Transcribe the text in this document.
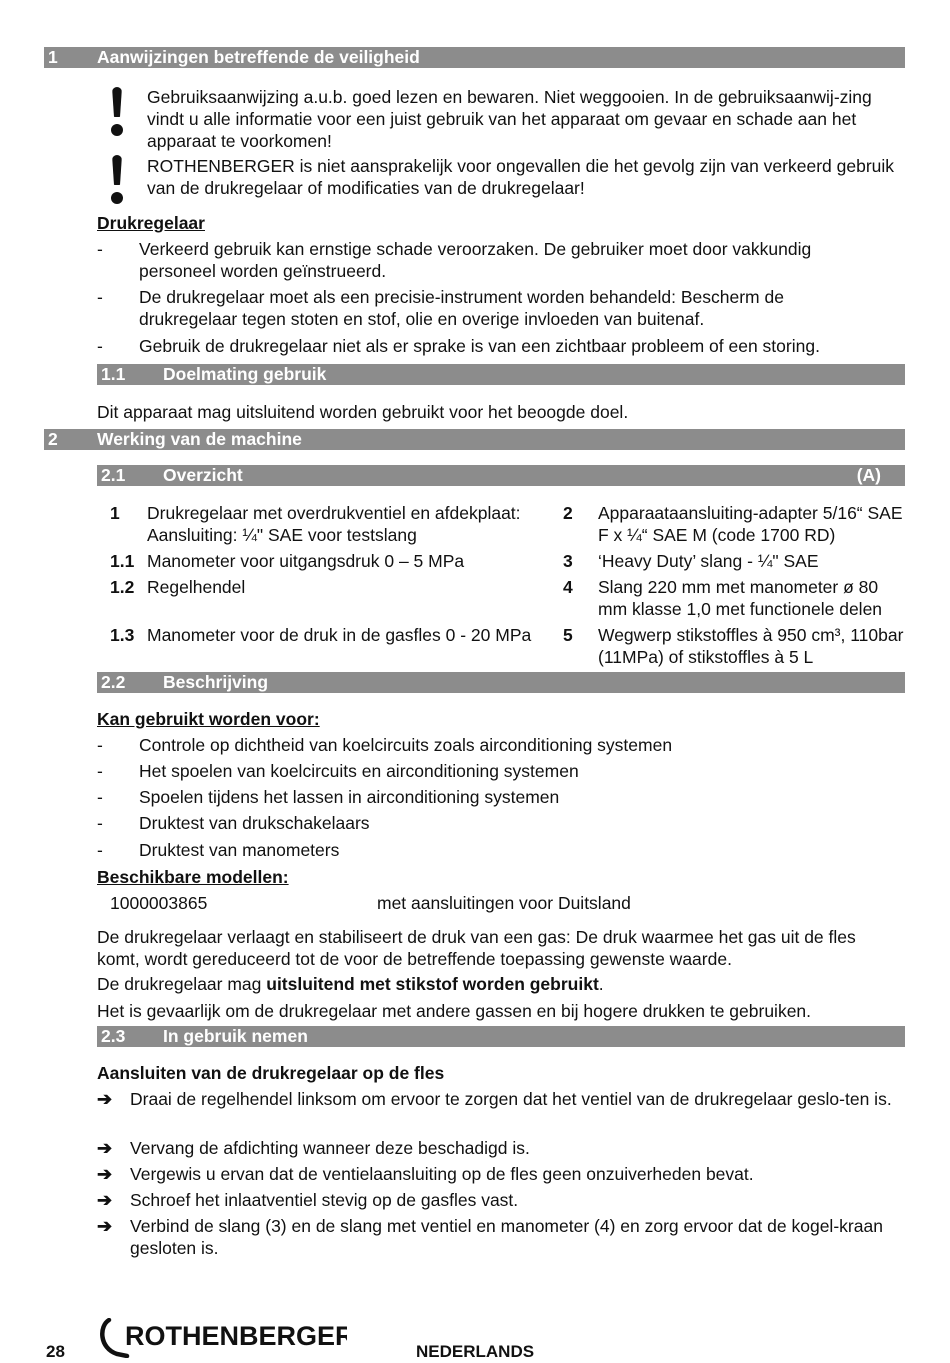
1 Aanwijzingen betreffende de veiligheid
Gebruiksaanwijzing a.u.b. goed lezen en bewaren. Niet weggooien. In de gebruiksaanwij-zing vindt u alle informatie voor een juist gebruik van het apparaat om gevaar en schade aan het apparaat te voorkomen!
ROTHENBERGER is niet aansprakelijk voor ongevallen die het gevolg zijn van verkeerd gebruik van de drukregelaar of modificaties van de drukregelaar!
Drukregelaar
- Verkeerd gebruik kan ernstige schade veroorzaken. De gebruiker moet door vakkundig personeel worden geïnstrueerd.
- De drukregelaar moet als een precisie-instrument worden behandeld: Bescherm de drukregelaar tegen stoten en stof, olie en overige invloeden van buitenaf.
- Gebruik de drukregelaar niet als er sprake is van een zichtbaar probleem of een storing.
1.1 Doelmating gebruik
Dit apparaat mag uitsluitend worden gebruikt voor het beoogde doel.
2 Werking van de machine
2.1 Overzicht	(A)
1 Drukregelaar met overdrukventiel en afdekplaat: Aansluiting: ¼" SAE voor testslang
1.1 Manometer voor uitgangsdruk 0 – 5 MPa
1.2 Regelhendel
1.3 Manometer voor de druk in de gasfles 0 - 20 MPa
2 Apparaataansluiting-adapter 5/16“ SAE F x ¼“ SAE M (code 1700 RD)
3 ‘Heavy Duty’ slang - ¼" SAE
4 Slang 220 mm met manometer ø 80 mm klasse 1,0 met functionele delen
5 Wegwerp stikstoffles à 950 cm³, 110bar (11MPa) of stikstoffles à 5 L
2.2 Beschrijving
Kan gebruikt worden voor:
- Controle op dichtheid van koelcircuits zoals airconditioning systemen
- Het spoelen van koelcircuits en airconditioning systemen
- Spoelen tijdens het lassen in airconditioning systemen
- Druktest van drukschakelaars
- Druktest van manometers
Beschikbare modellen:
1000003865	met aansluitingen voor Duitsland
De drukregelaar verlaagt en stabiliseert de druk van een gas: De druk waarmee het gas uit de fles komt, wordt gereduceerd tot de voor de betreffende toepassing gewenste waarde.
De drukregelaar mag uitsluitend met stikstof worden gebruikt.
Het is gevaarlijk om de drukregelaar met andere gassen en bij hogere drukken te gebruiken.
2.3 In gebruik nemen
Aansluiten van de drukregelaar op de fles
➔ Draai de regelhendel linksom om ervoor te zorgen dat het ventiel van de drukregelaar geslo-ten is.
➔ Vervang de afdichting wanneer deze beschadigd is.
➔ Vergewis u ervan dat de ventielaansluiting op de fles geen onzuiverheden bevat.
➔ Schroef het inlaatventiel stevig op de gasfles vast.
➔ Verbind de slang (3) en de slang met ventiel en manometer (4) en zorg ervoor dat de kogel-kraan gesloten is.
28
ROTHENBERGER
NEDERLANDS
